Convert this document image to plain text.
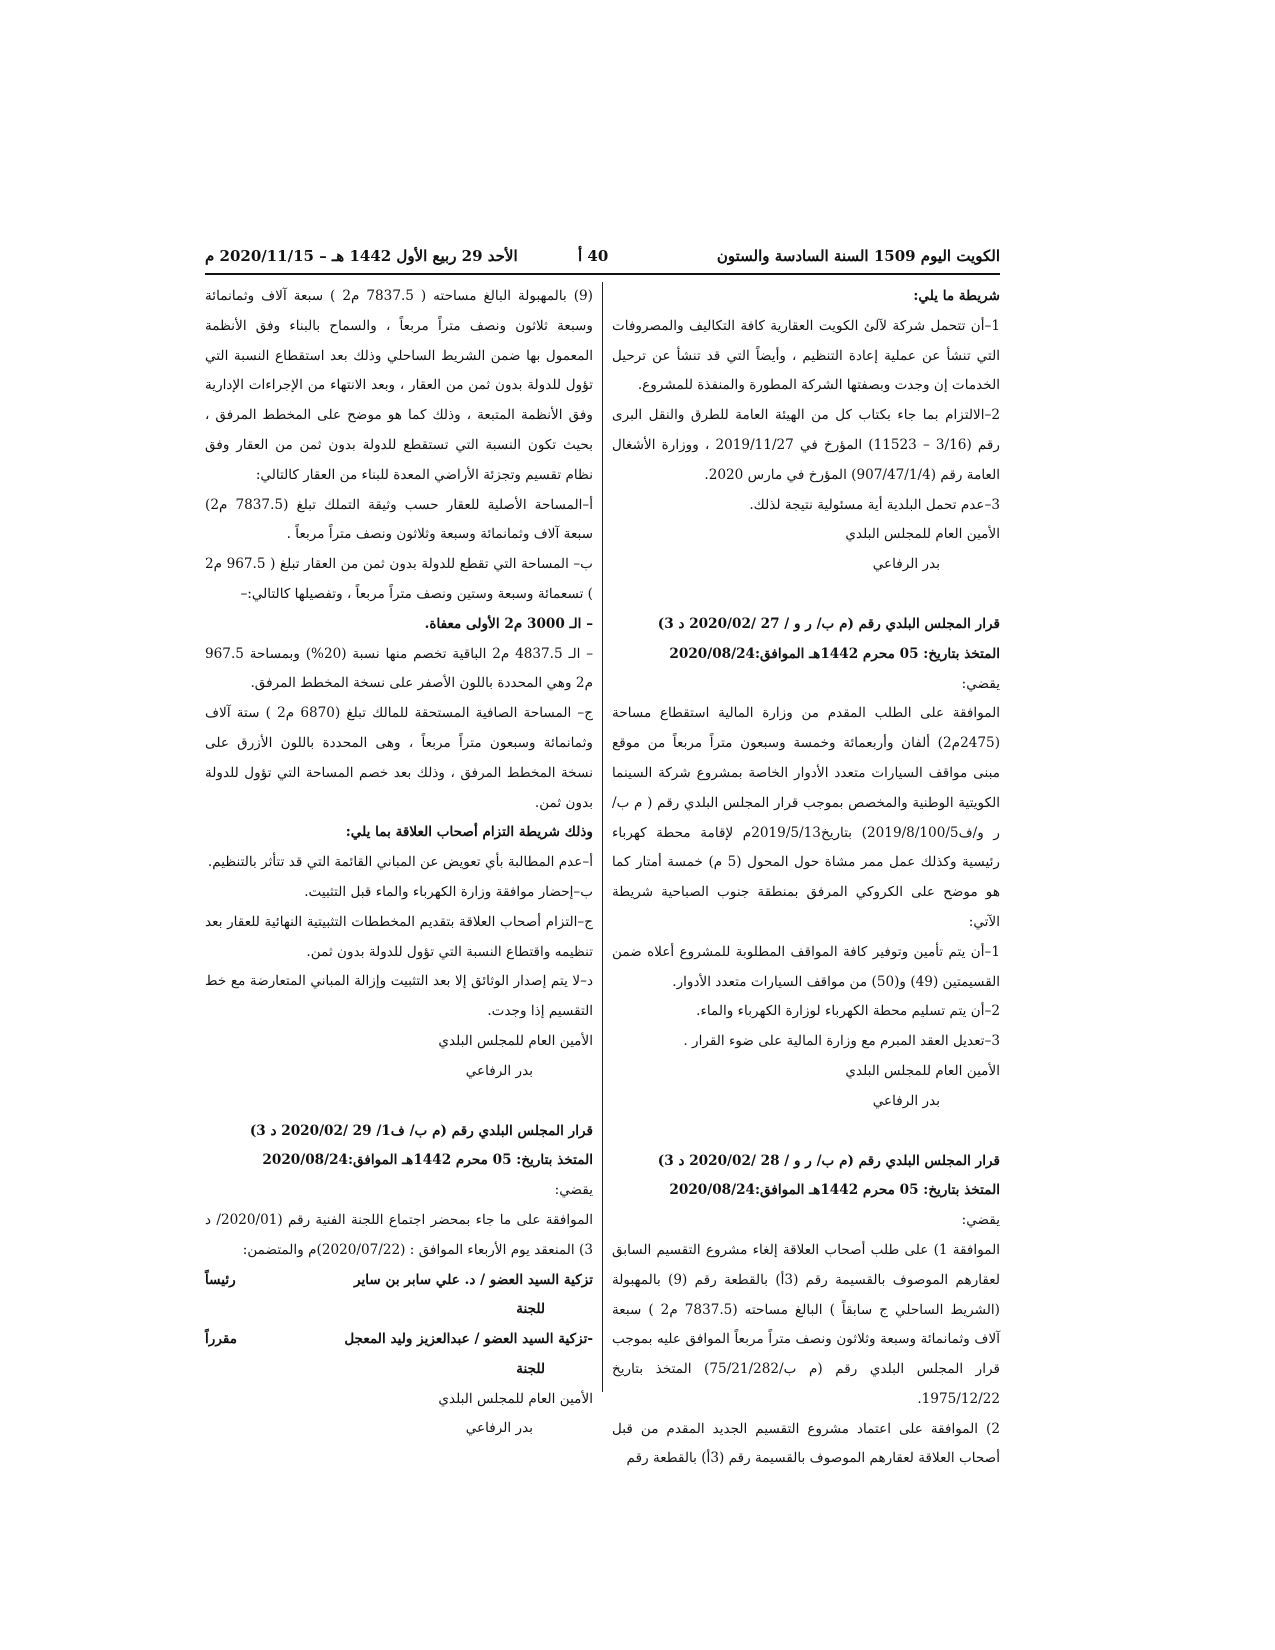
الكويت اليوم 1509 السنة السادسة والستون
40 أ
الأحد 29 ربيع الأول 1442 هـ – 2020/11/15 م

شريطة ما يلي:

1–أن تتحمل شركة لآلئ الكويت العقارية كافة التكاليف والمصروفات التي تنشأ عن عملية إعادة التنظيم ، وأيضاً التي قد تنشأ عن ترحيل الخدمات إن وجدت وبصفتها الشركة المطورة والمنفذة للمشروع.

2–الالتزام بما جاء بكتاب كل من الهيئة العامة للطرق والنقل البرى رقم (3/16 – 11523) المؤرخ في 2019/11/27 ، ووزارة الأشغال العامة رقم (907/47/1/4) المؤرخ في مارس 2020.

3–عدم تحمل البلدية أية مسئولية نتيجة لذلك.

الأمين العام للمجلس البلدي

بدر الرفاعي

قرار المجلس البلدي رقم (م ب/ ر و / 27 /2020/02 د 3)

المتخذ بتاريخ: 05 محرم 1442هـ الموافق:2020/08/24

يقضي:

الموافقة على الطلب المقدم من وزارة المالية استقطاع مساحة (2475م2) ألفان وأربعمائة وخمسة وسبعون متراً مربعاً من موقع مبنى مواقف السيارات متعدد الأدوار الخاصة بمشروع شركة السينما الكويتية الوطنية والمخصص بموجب قرار المجلس البلدي رقم ( م ب/ر و/ف2019/8/100/5) بتاريخ2019/5/13م لإقامة محطة كهرباء رئيسية وكذلك عمل ممر مشاة حول المحول (5 م) خمسة أمتار كما هو موضح على الكروكي المرفق بمنطقة جنوب الصباحية شريطة الآتي:

1–أن يتم تأمين وتوفير كافة المواقف المطلوبة للمشروع أعلاه ضمن القسيمتين (49) و(50) من مواقف السيارات متعدد الأدوار.

2–أن يتم تسليم محطة الكهرباء لوزارة الكهرباء والماء.

3–تعديل العقد المبرم مع وزارة المالية على ضوء القرار .

الأمين العام للمجلس البلدي

بدر الرفاعي

قرار المجلس البلدي رقم (م ب/ ر و / 28 /2020/02 د 3)

المتخذ بتاريخ: 05 محرم 1442هـ الموافق:2020/08/24

يقضي:

الموافقة 1) على طلب أصحاب العلاقة إلغاء مشروع التقسيم السابق لعقارهم الموصوف بالقسيمة رقم (3أ) بالقطعة رقم (9) بالمهبولة (الشريط الساحلي ج سابقاً ) البالغ مساحته (7837.5 م2 ) سبعة آلاف وثمانمائة وسبعة وثلاثون ونصف متراً مربعاً الموافق عليه بموجب قرار المجلس البلدي رقم (م ب/75/21/282) المتخذ بتاريخ 1975/12/22.

2) الموافقة على اعتماد مشروع التقسيم الجديد المقدم من قبل أصحاب العلاقة لعقارهم الموصوف بالقسيمة رقم (3أ) بالقطعة رقم

(9) بالمهبولة البالغ مساحته ( 7837.5 م2 ) سبعة آلاف وثمانمائة وسبعة ثلاثون ونصف متراً مربعاً ، والسماح بالبناء وفق الأنظمة المعمول بها ضمن الشريط الساحلي وذلك بعد استقطاع النسبة التي تؤول للدولة بدون ثمن من العقار ، وبعد الانتهاء من الإجراءات الإدارية وفق الأنظمة المتبعة ، وذلك كما هو موضح على المخطط المرفق ، بحيث تكون النسبة التي تستقطع للدولة بدون ثمن من العقار وفق نظام تقسيم وتجزئة الأراضي المعدة للبناء من العقار كالتالي:

أ–المساحة الأصلية للعقار حسب وثيقة التملك تبلغ (7837.5 م2) سبعة آلاف وثمانمائة وسبعة وثلاثون ونصف متراً مربعاً .

ب– المساحة التي تقطع للدولة بدون ثمن من العقار تبلغ ( 967.5 م2 ) تسعمائة وسبعة وستين ونصف متراً مربعاً ، وتفصيلها كالتالي:–

– الـ 3000 م2 الأولى معفاة.

– الـ 4837.5 م2 الباقية تخصم منها نسبة (20%) وبمساحة 967.5 م2 وهي المحددة باللون الأصفر على نسخة المخطط المرفق.

ج– المساحة الصافية المستحقة للمالك تبلغ (6870 م2 ) ستة آلاف وثمانمائة وسبعون متراً مربعاً ، وهى المحددة باللون الأزرق على نسخة المخطط المرفق ، وذلك بعد خصم المساحة التي تؤول للدولة بدون ثمن.

وذلك شريطة التزام أصحاب العلاقة بما يلي:

أ–عدم المطالبة بأي تعويض عن المباني القائمة التي قد تتأثر بالتنظيم.

ب–إحضار موافقة وزارة الكهرباء والماء قبل التثبيت.

ج–التزام أصحاب العلاقة بتقديم المخططات التثبيتية النهائية للعقار بعد تنظيمه واقتطاع النسبة التي تؤول للدولة بدون ثمن.

د–لا يتم إصدار الوثائق إلا بعد التثبيت وإزالة المباني المتعارضة مع خط التقسيم إذا وجدت.

الأمين العام للمجلس البلدي

بدر الرفاعي

قرار المجلس البلدي رقم (م ب/ ف1/ 29 /2020/02 د 3)

المتخذ بتاريخ: 05 محرم 1442هـ الموافق:2020/08/24

يقضي:

الموافقة على ما جاء بمحضر اجتماع اللجنة الفنية رقم (2020/01/ د 3) المنعقد يوم الأربعاء الموافق : (2020/07/22)م والمتضمن:

تزكية السيد العضو / د. علي سابر بن ساير
رئيساً

للجنة

-تزكية السيد العضو / عبدالعزيز وليد المعجل
مقرراً

للجنة

الأمين العام للمجلس البلدي

بدر الرفاعي
